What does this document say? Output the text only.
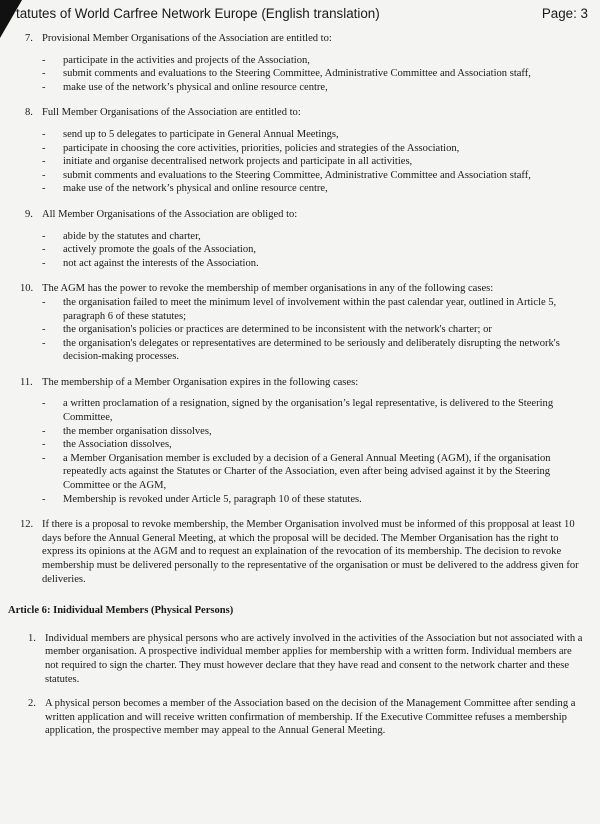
tatutes of World Carfree Network Europe (English translation)	Page: 3
7. Provisional Member Organisations of the Association are entitled to:
- participate in the activities and projects of the Association,
- submit comments and evaluations to the Steering Committee, Administrative Committee and Association staff,
- make use of the network’s physical and online resource centre,
8. Full Member Organisations of the Association are entitled to:
- send up to 5 delegates to participate in General Annual Meetings,
- participate in choosing the core activities, priorities, policies and strategies of the Association,
- initiate and organise decentralised network projects and participate in all activities,
- submit comments and evaluations to the Steering Committee, Administrative Committee and Association staff,
- make use of the network’s physical and online resource centre,
9. All Member Organisations of the Association are obliged to:
- abide by the statutes and charter,
- actively promote the goals of the Association,
- not act against the interests of the Association.
10. The AGM has the power to revoke the membership of member organisations in any of the following cases:
- the organisation failed to meet the minimum level of involvement within the past calendar year, outlined in Article 5, paragraph 6 of these statutes;
- the organisation's policies or practices are determined to be inconsistent with the network's charter; or
- the organisation's delegates or representatives are determined to be seriously and deliberately disrupting the network's decision-making processes.
11. The membership of a Member Organisation expires in the following cases:
- a written proclamation of a resignation, signed by the organisation’s legal representative, is delivered to the Steering Committee,
- the member organisation dissolves,
- the Association dissolves,
- a Member Organisation member is excluded by a decision of a General Annual Meeting (AGM), if the organisation repeatedly acts against the Statutes or Charter of the Association, even after being advised against it by the Steering Committee or the AGM,
- Membership is revoked under Article 5, paragraph 10 of these statutes.
12. If there is a proposal to revoke membership, the Member Organisation involved must be informed of this propposal at least 10 days before the Annual General Meeting, at which the proposal will be decided. The Member Organisation has the right to express its opinions at the AGM and to request an explaination of the revocation of its membership. The decision to revoke membership must be delivered personally to the representative of the organisation or must be delivered to the address given for deliveries.
Article 6: Inidividual Members (Physical Persons)
1. Individual members are physical persons who are actively involved in the activities of the Association but not associated with a member organisation. A prospective individual member applies for membership with a written form. Individual members are not required to sign the charter. They must however declare that they have read and consent to the network charter and these statutes.
2. A physical person becomes a member of the Association based on the decision of the Management Committee after sending a written application and will receive written confirmation of membership. If the Executive Committee refuses a membership application, the prospective member may appeal to the Annual General Meeting.
